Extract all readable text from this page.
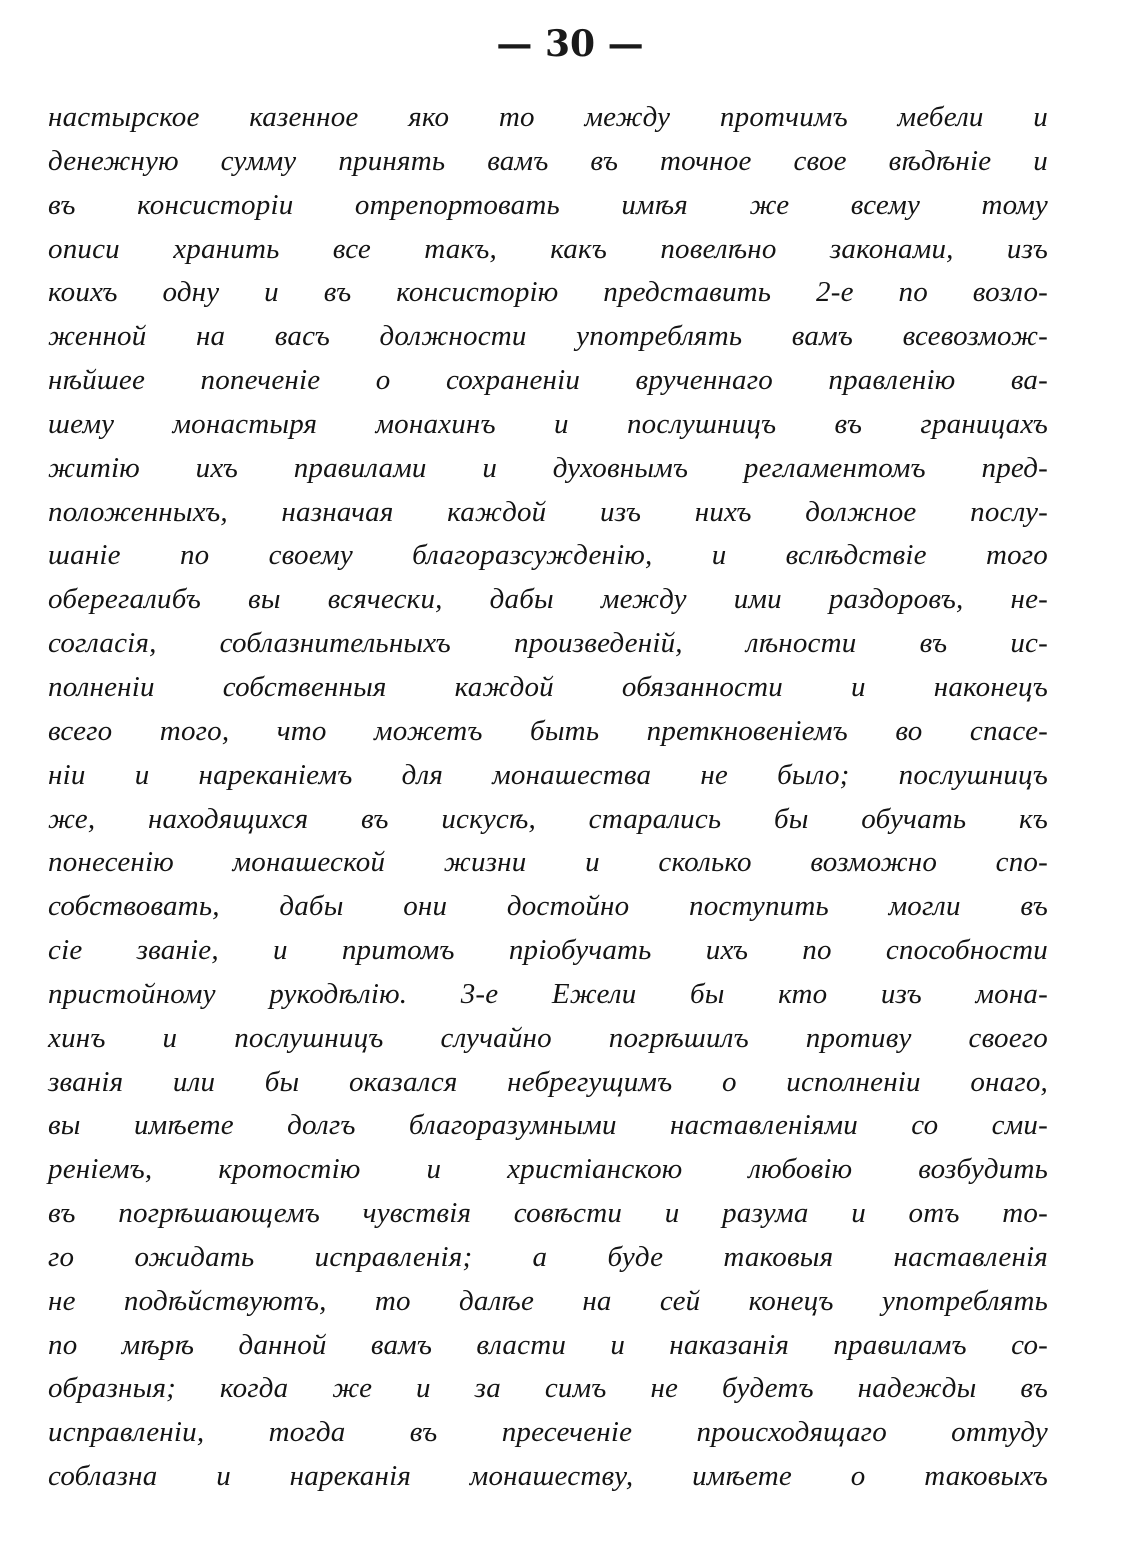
— 30 —
настырское казенное яко то между протчимъ мебели и
денежную сумму принять вамъ въ точное свое вѣдѣніе и
въ консисторіи отрепортовать имѣя же всему тому
описи хранить все такъ, какъ повелѣно законами, изъ
коихъ одну и въ консисторію представить 2-е по возло-
женной на васъ должности употреблять вамъ всевозмож-
нѣйшее попеченіе о сохраненіи врученнаго правленію ва-
шему монастыря монахинъ и послушницъ въ границахъ
житію ихъ правилами и духовнымъ регламентомъ пред-
положенныхъ, назначая каждой изъ нихъ должное послу-
шаніе по своему благоразсужденію, и вслѣдствіе того
оберегалибъ вы всячески, дабы между ими раздоровъ, не-
согласія, соблазнительныхъ произведеній, лѣности въ ис-
полненіи собственныя каждой обязанности и наконецъ
всего того, что можетъ быть преткновеніемъ во спасе-
ніи и нареканіемъ для монашества не было; послушницъ
же, находящихся въ искусѣ, старались бы обучать къ
понесенію монашеской жизни и сколько возможно спо-
собствовать, дабы они достойно поступить могли въ
сіе званіе, и притомъ пріобучать ихъ по способности
пристойному рукодѣлію. 3-е Ежели бы кто изъ мона-
хинъ и послушницъ случайно погрѣшилъ противу своего
званія или бы оказался небрегущимъ о исполненіи онаго,
вы имѣете долгъ благоразумными наставленіями со сми-
реніемъ, кротостію и христіанскою любовію возбудить
въ погрѣшающемъ чувствія совѣсти и разума и отъ то-
го ожидать исправленія; а буде таковыя наставленія
не подѣйствуютъ, то далѣе на сей конецъ употреблять
по мѣрѣ данной вамъ власти и наказанія правиламъ со-
образныя; когда же и за симъ не будетъ надежды въ
исправленіи, тогда въ пресеченіе происходящаго оттуду
соблазна и нареканія монашеству, имѣете о таковыхъ
